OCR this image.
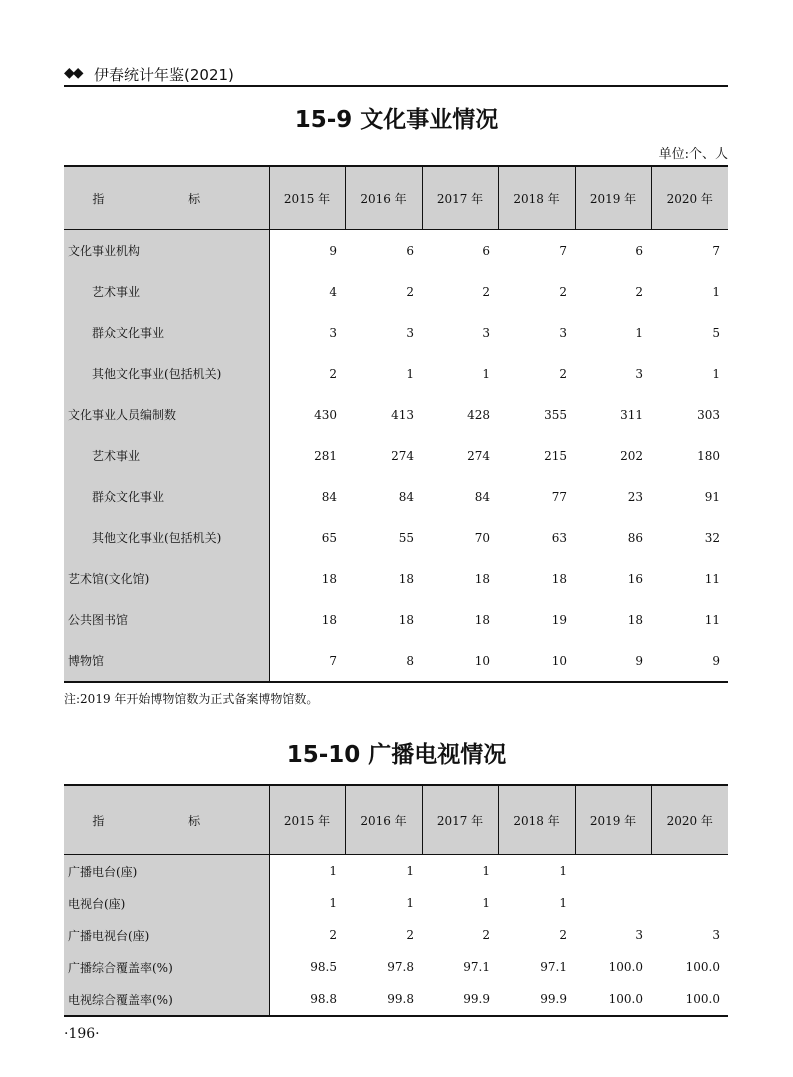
◆◆ 伊春统计年鉴(2021)
15-9 文化事业情况
单位:个、人
指 标	2015 年	2016 年	2017 年	2018 年	2019 年	2020 年
文化事业机构	9	6	6	7	6	7
艺术事业	4	2	2	2	2	1
群众文化事业	3	3	3	3	1	5
其他文化事业(包括机关)	2	1	1	2	3	1
文化事业人员编制数	430	413	428	355	311	303
艺术事业	281	274	274	215	202	180
群众文化事业	84	84	84	77	23	91
其他文化事业(包括机关)	65	55	70	63	86	32
艺术馆(文化馆)	18	18	18	18	16	11
公共图书馆	18	18	18	19	18	11
博物馆	7	8	10	10	9	9
注:2019 年开始博物馆数为正式备案博物馆数。
15-10 广播电视情况
指 标	2015 年	2016 年	2017 年	2018 年	2019 年	2020 年
广播电台(座)	1	1	1	1		
电视台(座)	1	1	1	1		
广播电视台(座)	2	2	2	2	3	3
广播综合覆盖率(%)	98.5	97.8	97.1	97.1	100.0	100.0
电视综合覆盖率(%)	98.8	99.8	99.9	99.9	100.0	100.0
·196·
